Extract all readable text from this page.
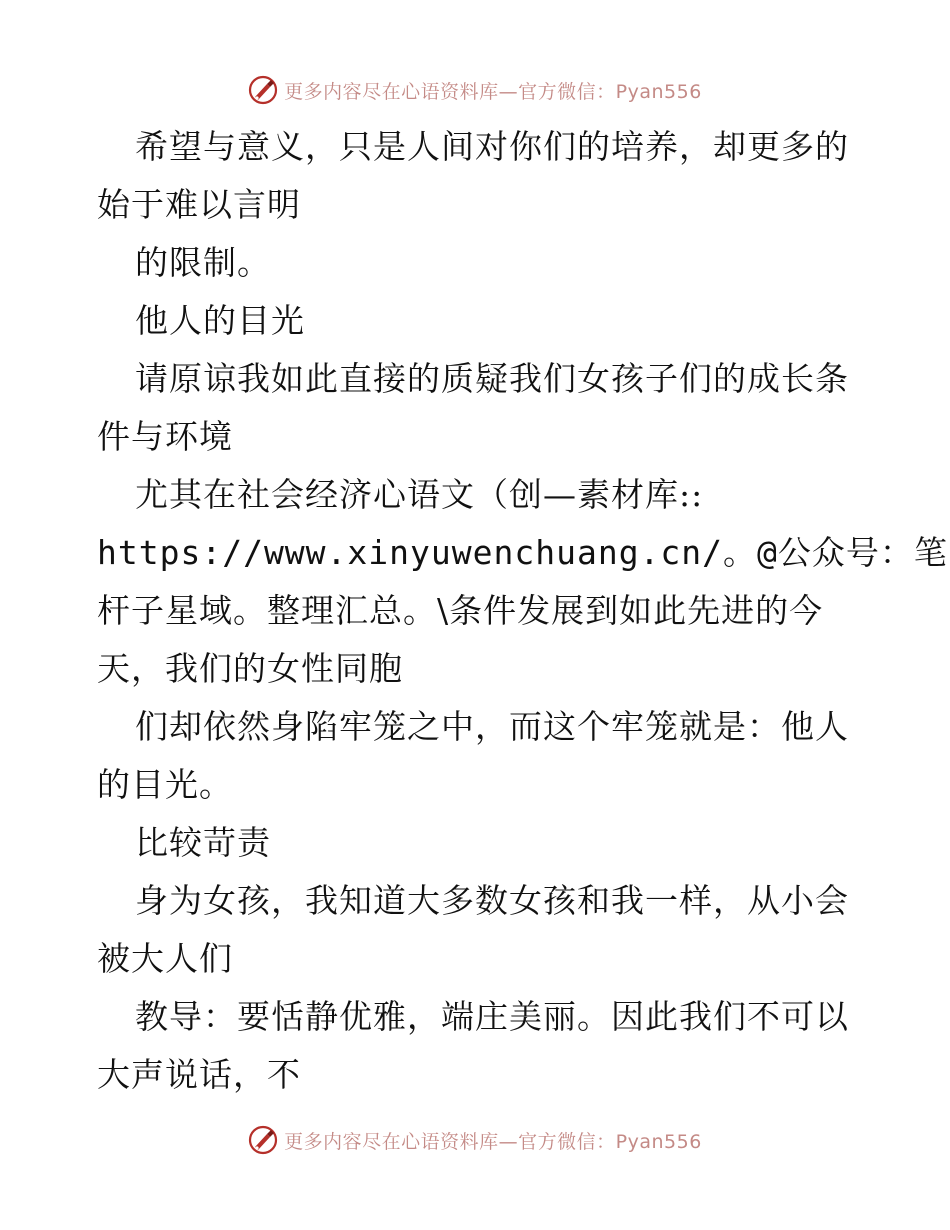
更多内容尽在心语资料库—官方微信：Pyan556
希望与意义，只是人间对你们的培养，却更多的
始于难以言明
的限制。
他人的目光
请原谅我如此直接的质疑我们女孩子们的成长条
件与环境
尤其在社会经济心语文（创—素材库::
https://www.xinyuwenchuang.cn/。@公众号：笔
杆子星域。整理汇总。\条件发展到如此先进的今
天，我们的女性同胞
们却依然身陷牢笼之中，而这个牢笼就是：他人
的目光。
比较苛责
身为女孩，我知道大多数女孩和我一样，从小会
被大人们
教导：要恬静优雅，端庄美丽。因此我们不可以
大声说话，不
更多内容尽在心语资料库—官方微信：Pyan556
